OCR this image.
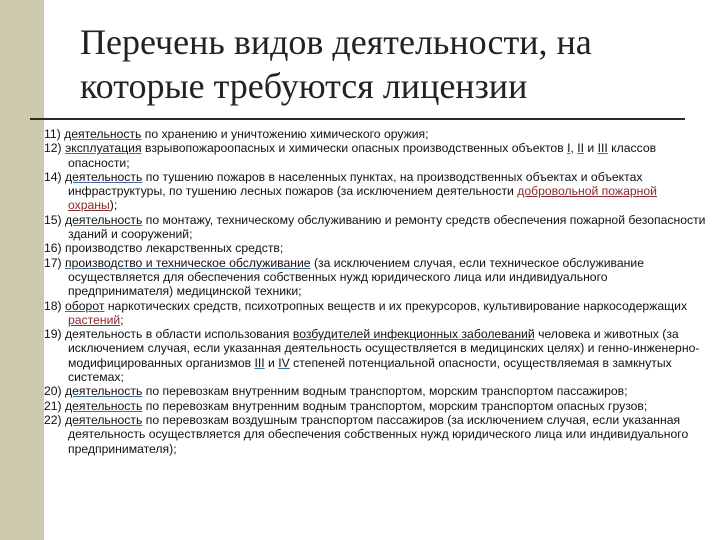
Перечень видов деятельности, на которые требуются лицензии
11) деятельность по хранению и уничтожению химического оружия;
12) эксплуатация взрывопожароопасных и химически опасных производственных объектов I, II и III классов опасности;
14) деятельность по тушению пожаров в населенных пунктах, на производственных объектах и объектах инфраструктуры, по тушению лесных пожаров (за исключением деятельности добровольной пожарной охраны);
15) деятельность по монтажу, техническому обслуживанию и ремонту средств обеспечения пожарной безопасности зданий и сооружений;
16) производство лекарственных средств;
17) производство и техническое обслуживание (за исключением случая, если техническое обслуживание осуществляется для обеспечения собственных нужд юридического лица или индивидуального предпринимателя) медицинской техники;
18) оборот наркотических средств, психотропных веществ и их прекурсоров, культивирование наркосодержащих растений;
19) деятельность в области использования возбудителей инфекционных заболеваний человека и животных (за исключением случая, если указанная деятельность осуществляется в медицинских целях) и генно-инженерно-модифицированных организмов III и IV степеней потенциальной опасности, осуществляемая в замкнутых системах;
20) деятельность по перевозкам внутренним водным транспортом, морским транспортом пассажиров;
21) деятельность по перевозкам внутренним водным транспортом, морским транспортом опасных грузов;
22) деятельность по перевозкам воздушным транспортом пассажиров (за исключением случая, если указанная деятельность осуществляется для обеспечения собственных нужд юридического лица или индивидуального предпринимателя);
